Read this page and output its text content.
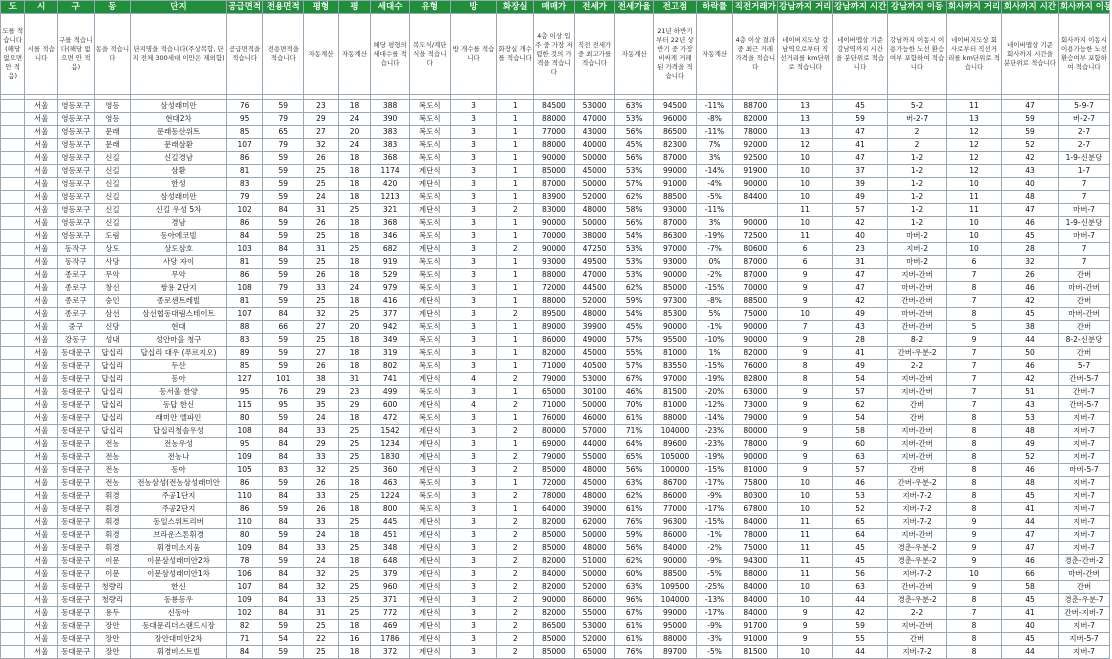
도	시	구	동	단지	공급면적	전용면적	평형	평	세대수	유형	방	화장실	매매가	전세가	전세가율	전고점	하락률	직전거래가	강남까지 거리	강남까지 시간	강남까지 이동	회사까지 거리	회사까지 시간	회사까지 이동
도를 적습니다(해당 없으면 안 적음)	시를 적습니다	구를 적습니다(해당 없으면 안 적음)	동을 적습니다	단지명을 적습니다(주상복합, 단지 전체 300세대 이만은 제외함)	공급면적을 적습니다	전용면적을 적습니다	자동계산	자동계산	해당 평형의 세대수를 적습니다	복도식/계단식을 적습니다	방 개수를 적습니다	화장실 개수를 적습니다	4층 이상 입주 중 가장 저렴한 것의 가격을 적습니다	직전 전세가 중 최고가를 적습니다	자동계산	21년 하반기부터 22년 상반기 중 가장 비싸게 거래된 가격을 적습니다	자동계산	4층 이상 결과 중 최근 거래가격을 적습니다	네이버지도상 강남역으로부터 직선거리를 km단위로 적습니다	네이버맵상 기준 강남역까지 시간을 분단위로 적습니다	강남까지 이동시 이용가능한 노선 환승여부 포함하여 적습니다	네이버지도상 회사로부터 직선거리를 km단위로 적습니다	네이버맵상 기준 회사까지 시간을 분단위로 적습니다	회사까지 이동시 이용가능한 노선 환승여부 포함하여 적습니다

	서울	영등포구	영등	삼성래미안	76	59	23	18	388	복도식	3	1	84500	53000	63%	94500	-11%	88700	13	45	5-2	11	47	5-9-7
	서울	영등포구	영등	현대2차	95	79	29	24	390	복도식	3	1	88000	47000	53%	96000	-8%	82000	13	59	버-2-7	13	59	버-2-7
	서울	영등포구	문래	문래동산위트	85	65	27	20	383	복도식	3	1	77000	43000	56%	86500	-11%	78000	13	47	2	12	59	2-7
	서울	영등포구	문래	문래삼환	107	79	32	24	383	복도식	3	1	88000	40000	45%	82300	7%	92000	12	41	2	12	52	2-7
	서울	영등포구	신길	신길경남	86	59	26	18	368	복도식	3	1	90000	50000	56%	87000	3%	92500	10	47	1-2	12	42	1-9-신분당
	서울	영등포구	신길	삼환	81	59	25	18	1174	계단식	3	1	85000	45000	53%	99000	-14%	91900	10	37	1-2	12	43	1-7
	서울	영등포구	신길	한성	83	59	25	18	420	계단식	3	1	87000	50000	57%	91000	-4%	90000	10	39	1-2	10	40	7
	서울	영등포구	신길	삼성래미안	79	59	24	18	1213	복도식	3	1	83900	52000	62%	88500	-5%	84400	10	49	1-2	11	48	7
	서울	영등포구	신길	신길 우성 5차	102	84	31	25	321	계단식	3	2	83000	48000	58%	93000	-11%		11	57	1-2	11	47	마버-7
	서울	영등포구	신길	경남	86	59	26	18	368	복도식	3	1	90000	50000	56%	87000	3%	90000	10	42	1-2	10	46	1-9-신분당
	서울	영등포구	도림	동아에코빌	84	59	25	18	346	복도식	3	1	70000	38000	54%	86300	-19%	72500	11	40	마버-2	10	45	마버-7
	서울	동작구	상도	상도삼호	103	84	31	25	682	계단식	3	2	90000	47250	53%	97000	-7%	80600	6	23	지버-2	10	28	7
	서울	동작구	사당	사당 자이	81	59	25	18	919	복도식	3	1	93000	49500	53%	93000	0%	87000	6	31	마버-2	6	32	7
	서울	종로구	무악	무악	86	59	26	18	529	복도식	3	1	88000	47000	53%	90000	-2%	87000	9	47	지버-간버	7	26	간버
	서울	종로구	창신	쌍용 2단지	108	79	33	24	979	복도식	3	1	72000	44500	62%	85000	-15%	70000	9	47	마버-간버	8	46	마버-간버
	서울	종로구	숭인	종로센트레빌	81	59	25	18	416	계단식	3	1	88000	52000	59%	97300	-8%	88500	9	42	간버-간버	7	42	간버
	서울	종로구	삼선	삼선협동대림스테이트	107	84	32	25	377	계단식	3	2	89500	48000	54%	85300	5%	75000	10	49	마버-간버	8	45	마버-간버
	서울	중구	신당	현대	88	66	27	20	942	복도식	3	1	89000	39900	45%	90000	-1%	90000	7	43	간버-간버	5	38	간버
	서울	강동구	성내	성안마을 청구	83	59	25	18	349	복도식	3	1	86000	49000	57%	95500	-10%	90000	9	28	8-2	9	44	8-2-신분당
	서울	동대문구	답십리	답십리 대우 (푸르지오)	89	59	27	18	319	복도식	3	1	82000	45000	55%	81000	1%	82000	9	41	간버-우분-2	7	50	간버
	서울	동대문구	답십리	두산	85	59	26	18	802	복도식	3	1	71000	40500	57%	83550	-15%	76000	8	49	2-2	7	46	5-7
	서울	동대문구	답십리	동아	127	101	38	31	741	계단식	4	2	79000	53000	67%	97000	-19%	82800	8	54	지버-간버	7	42	간버-5-7
	서울	동대문구	답십리	동서울 한양	95	76	29	23	499	복도식	3	1	65000	30100	46%	81500	-20%	63000	9	57	지버-간버	7	51	간버-7
	서울	동대문구	답십리	동답 한신	115	95	35	29	600	계단식	4	2	71000	50000	70%	81000	-12%	73000	9	62	간버	7	43	간버-5-7
	서울	동대문구	답십리	래미안 엘파인	80	59	24	18	472	복도식	3	1	76000	46000	61%	88000	-14%	79000	9	54	간버	8	53	지버-7
	서울	동대문구	답십리	답십리청솔우성	108	84	33	25	1542	계단식	3	2	80000	57000	71%	104000	-23%	80000	9	58	지버-간버	8	48	지버-7
	서울	동대문구	전농	전농우성	95	84	29	25	1234	계단식	3	1	69000	44000	64%	89600	-23%	78000	9	60	지버-간버	8	49	지버-7
	서울	동대문구	전농	전농나	109	84	33	25	1830	계단식	3	2	79000	55000	65%	105000	-19%	90000	9	63	지버-간버	8	52	지버-7
	서울	동대문구	전농	동아	105	83	32	25	360	계단식	3	2	85000	48000	56%	100000	-15%	81000	9	57	간버	8	46	마버-5-7
	서울	동대문구	전농	전농삼성(전농삼성래미안	86	59	26	18	463	복도식	3	1	72000	45000	63%	86700	-17%	75800	10	46	간버-우분-2	8	48	지버-7
	서울	동대문구	휘경	주공1단지	110	84	33	25	1224	복도식	3	2	78000	48000	62%	86000	-9%	80300	10	53	지버-7-2	8	45	지버-7
	서울	동대문구	휘경	주공2단지	86	59	26	18	800	복도식	3	1	64000	39000	61%	77000	-17%	67800	10	52	지버-7-2	8	41	지버-7
	서울	동대문구	휘경	동일스위트리버	110	84	33	25	445	계단식	3	2	82000	62000	76%	96300	-15%	84000	11	65	지버-7-2	9	44	지버-7
	서울	동대문구	휘경	브라운스톤휘경	80	59	24	18	451	계단식	3	2	85000	50000	59%	86000	-1%	78000	11	64	지버-간버	9	47	지버-7
	서울	동대문구	휘경	휘경미소지움	109	84	33	25	348	계단식	3	2	85000	48000	56%	84000	-2%	75000	11	45	경춘-우분-2	9	47	지버-7
	서울	동대문구	이문	이문삼성래미안2차	78	59	24	18	648	계단식	3	2	82000	51000	62%	90000	-9%	94300	11	45	경춘-우분-2	9	46	경춘-간버-2
	서울	동대문구	이문	이문삼성래미안1차	106	84	32	25	379	계단식	3	2	84000	50000	60%	88500	-5%	88000	11	56	지버-7-2	10	66	마버-간버
	서울	동대문구	청량리	한신	107	84	32	25	960	계단식	3	2	82000	52000	63%	109500	-25%	84000	10	63	간버-간버	9	58	간버
	서울	동대문구	청량리	동룡동우	109	84	33	25	371	계단식	3	2	90000	86000	96%	104000	-13%	84000	10	44	경춘-우분-2	8	45	경춘-우분-7
	서울	동대문구	용두	신동아	102	84	31	25	772	계단식	3	2	82000	55000	67%	99000	-17%	84000	9	42	2-2	7	41	간버-지버-7
	서울	동대문구	장안	동대문리더스랜드시장	82	59	25	18	469	계단식	3	2	86500	53000	61%	95000	-9%	91700	9	59	지버-간버	8	40	지버-7
	서울	동대문구	장안	장안대미안2차	71	54	22	16	1786	계단식	3	2	85000	52000	61%	88000	-3%	91000	9	55	간버	8	45	지버-5-7
	서울	동대문구	장안	휘경비스트빌	84	59	25	18	372	계단식	3	2	85000	65000	76%	89700	-5%	81500	10	44	지버-7-2	8	44	지버-7
